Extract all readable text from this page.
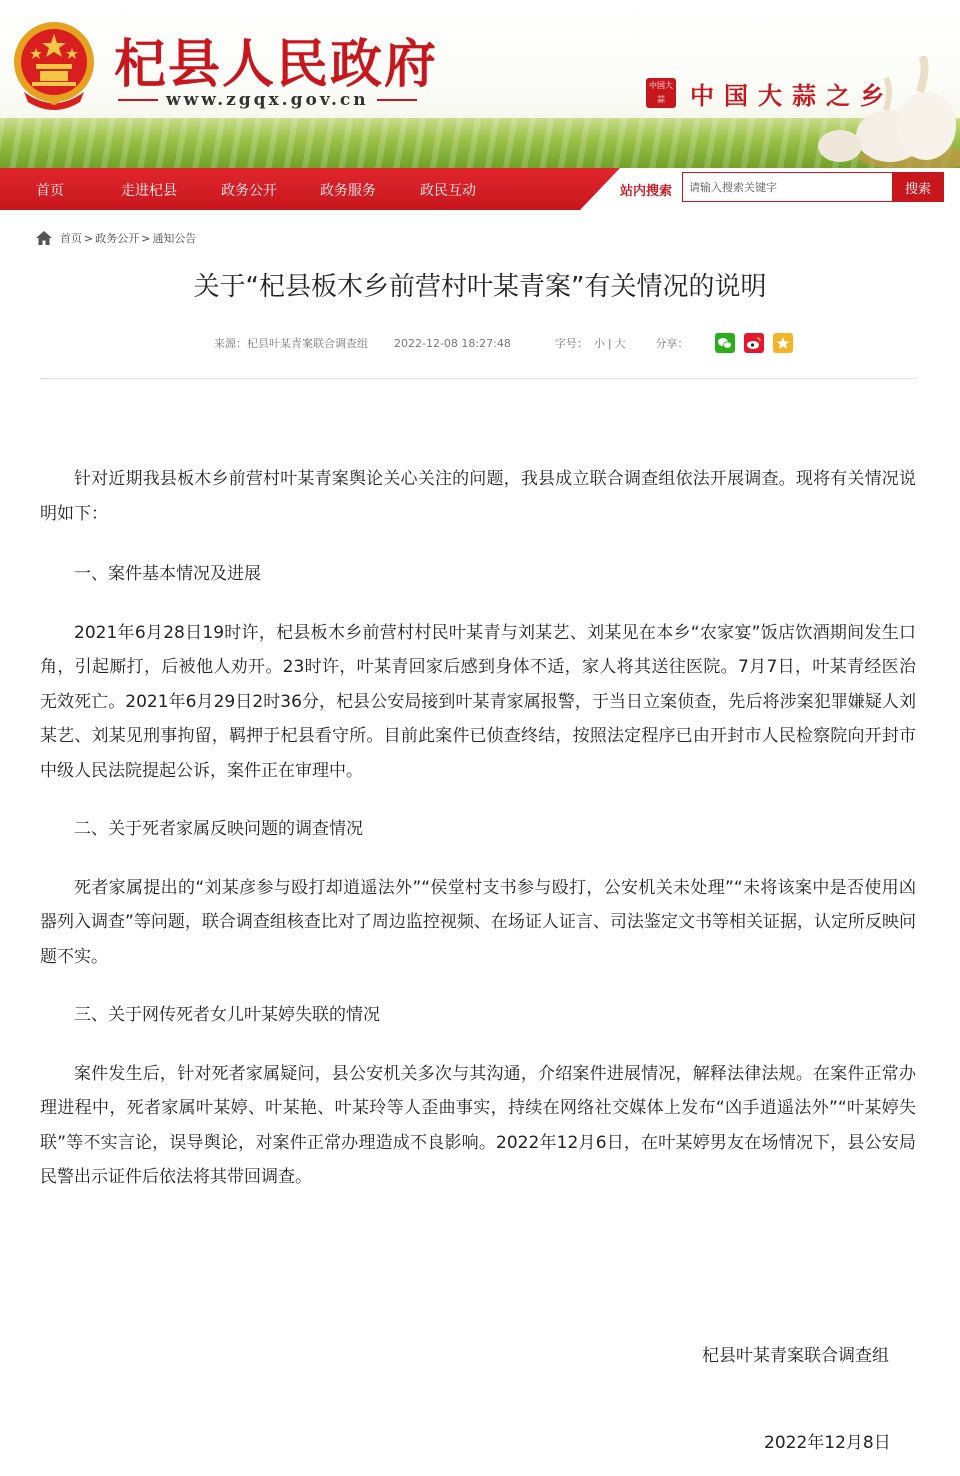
杞县人民政府
www.zgqx.gov.cn
中国大蒜	中国大蒜之乡
首页	走进杞县	政务公开	政务服务	政民互动	站内搜索
请输入搜索关键字	搜索
首页 > 政务公开 > 通知公告
关于“杞县板木乡前营村叶某青案”有关情况的说明
来源： 杞县叶某青案联合调查组 2022-12-08 18:27:48	字号： 小 | 大	分享：

针对近期我县板木乡前营村叶某青案舆论关心关注的问题，我县成立联合调查组依法开展调查。现将有关情况说明如下：

一、案件基本情况及进展

2021年6月28日19时许，杞县板木乡前营村村民叶某青与刘某艺、刘某见在本乡“农家宴”饭店饮酒期间发生口角，引起厮打，后被他人劝开。23时许，叶某青回家后感到身体不适，家人将其送往医院。7月7日，叶某青经医治无效死亡。2021年6月29日2时36分，杞县公安局接到叶某青家属报警，于当日立案侦查，先后将涉案犯罪嫌疑人刘某艺、刘某见刑事拘留，羁押于杞县看守所。目前此案件已侦查终结，按照法定程序已由开封市人民检察院向开封市中级人民法院提起公诉，案件正在审理中。

二、关于死者家属反映问题的调查情况

死者家属提出的“刘某彦参与殴打却逍遥法外”“侯堂村支书参与殴打，公安机关未处理”“未将该案中是否使用凶器列入调查”等问题，联合调查组核查比对了周边监控视频、在场证人证言、司法鉴定文书等相关证据，认定所反映问题不实。

三、关于网传死者女儿叶某婷失联的情况

案件发生后，针对死者家属疑问，县公安机关多次与其沟通，介绍案件进展情况，解释法律法规。在案件正常办理进程中，死者家属叶某婷、叶某艳、叶某玲等人歪曲事实，持续在网络社交媒体上发布“凶手逍遥法外”“叶某婷失联”等不实言论，误导舆论，对案件正常办理造成不良影响。2022年12月6日，在叶某婷男友在场情况下，县公安局民警出示证件后依法将其带回调查。

杞县叶某青案联合调查组
2022年12月8日
